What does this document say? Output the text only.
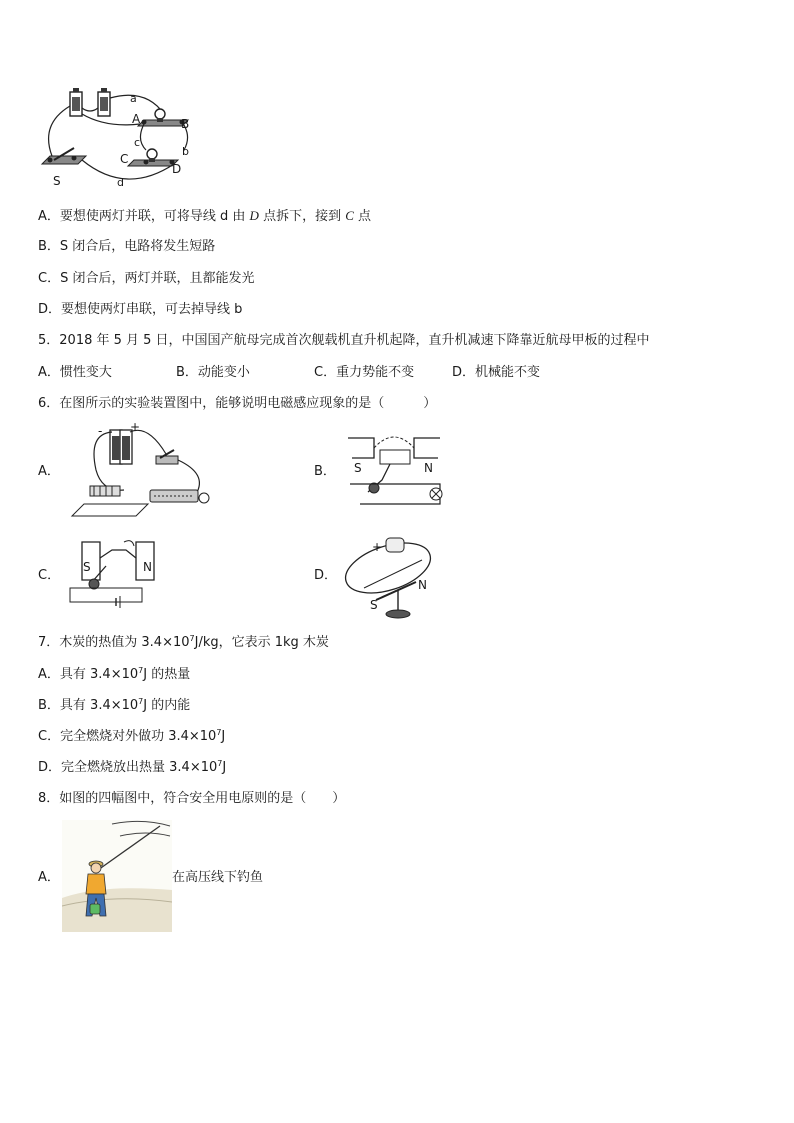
a
A	B
b
c
C
D
S	d
A．要想使两灯并联，可将导线 d 由 D 点拆下，接到 C 点
B．S 闭合后，电路将发生短路
C．S 闭合后，两灯并联，且都能发光
D．要想使两灯串联，可去掉导线 b
5．2018 年 5 月 5 日，中国国产航母完成首次舰载机直升机起降，直升机减速下降靠近航母甲板的过程中
A．惯性变大	B．动能变小	C．重力势能不变	D．机械能不变
6．在图所示的实验装置图中，能够说明电磁感应现象的是（　　　）
A．
- +
B． S	N
C．
S	N
D．
+
N
S
7．木炭的热值为 $3.4\times 10^7J/kg$，它表示 1kg 木炭
A．具有 $3.4\times 10^7J$ 的热量
B．具有 $3.4\times 10^7J$ 的内能
C．完全燃烧对外做功 $3.4\times 10^7J$
D．完全燃烧放出热量 $3.4\times 10^7J$
8．如图的四幅图中，符合安全用电原则的是（　　）
A．	在高压线下钓鱼
